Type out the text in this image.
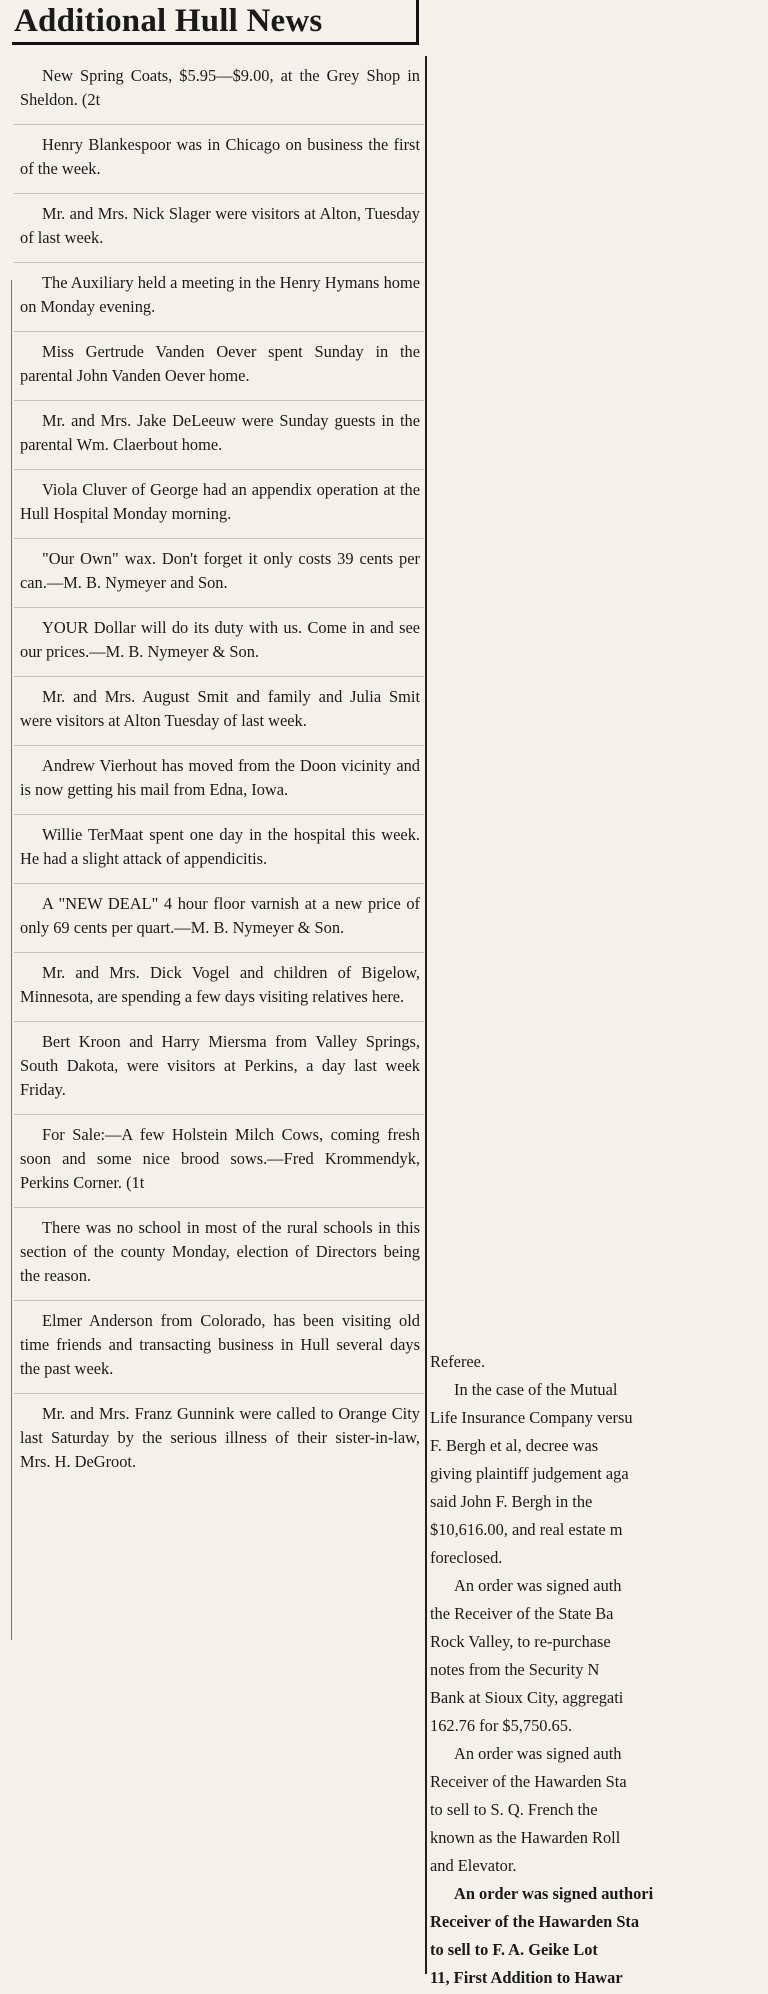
Additional Hull News

New Spring Coats, $5.95—$9.00, at the Grey Shop in Sheldon. (2t

Henry Blankespoor was in Chicago on business the first of the week.

Mr. and Mrs. Nick Slager were visitors at Alton, Tuesday of last week.

The Auxiliary held a meeting in the Henry Hymans home on Monday evening.

Miss Gertrude Vanden Oever spent Sunday in the parental John Vanden Oever home.

Mr. and Mrs. Jake DeLeeuw were Sunday guests in the parental Wm. Claerbout home.

Viola Cluver of George had an appendix operation at the Hull Hospital Monday morning.

"Our Own" wax. Don't forget it only costs 39 cents per can.—M. B. Nymeyer and Son.

YOUR Dollar will do its duty with us. Come in and see our prices.—M. B. Nymeyer & Son.

Mr. and Mrs. August Smit and family and Julia Smit were visitors at Alton Tuesday of last week.

Andrew Vierhout has moved from the Doon vicinity and is now getting his mail from Edna, Iowa.

Willie TerMaat spent one day in the hospital this week. He had a slight attack of appendicitis.

A "NEW DEAL" 4 hour floor varnish at a new price of only 69 cents per quart.—M. B. Nymeyer & Son.

Mr. and Mrs. Dick Vogel and children of Bigelow, Minnesota, are spending a few days visiting relatives here.

Bert Kroon and Harry Miersma from Valley Springs, South Dakota, were visitors at Perkins, a day last week Friday.

For Sale:—A few Holstein Milch Cows, coming fresh soon and some nice brood sows.—Fred Krommendyk, Perkins Corner. (1t

There was no school in most of the rural schools in this section of the county Monday, election of Directors being the reason.

Elmer Anderson from Colorado, has been visiting old time friends and transacting business in Hull several days the past week.

Mr. and Mrs. Franz Gunnink were called to Orange City last Saturday by the serious illness of their sister-in-law, Mrs. H. DeGroot.

Referee.

In the case of the Mutual

Life Insurance Company versu

F. Bergh et al, decree was

giving plaintiff judgement aga

said John F. Bergh in the

$10,616.00, and real estate m

foreclosed.

An order was signed auth

the Receiver of the State Ba

Rock Valley, to re-purchase

notes from the Security N

Bank at Sioux City, aggregati

162.76 for $5,750.65.

An order was signed auth

Receiver of the Hawarden Sta

to sell to S. Q. French the

known as the Hawarden Roll

and Elevator.

An order was signed authori

Receiver of the Hawarden Sta

to sell to F. A. Geike Lot

11, First Addition to Hawar
